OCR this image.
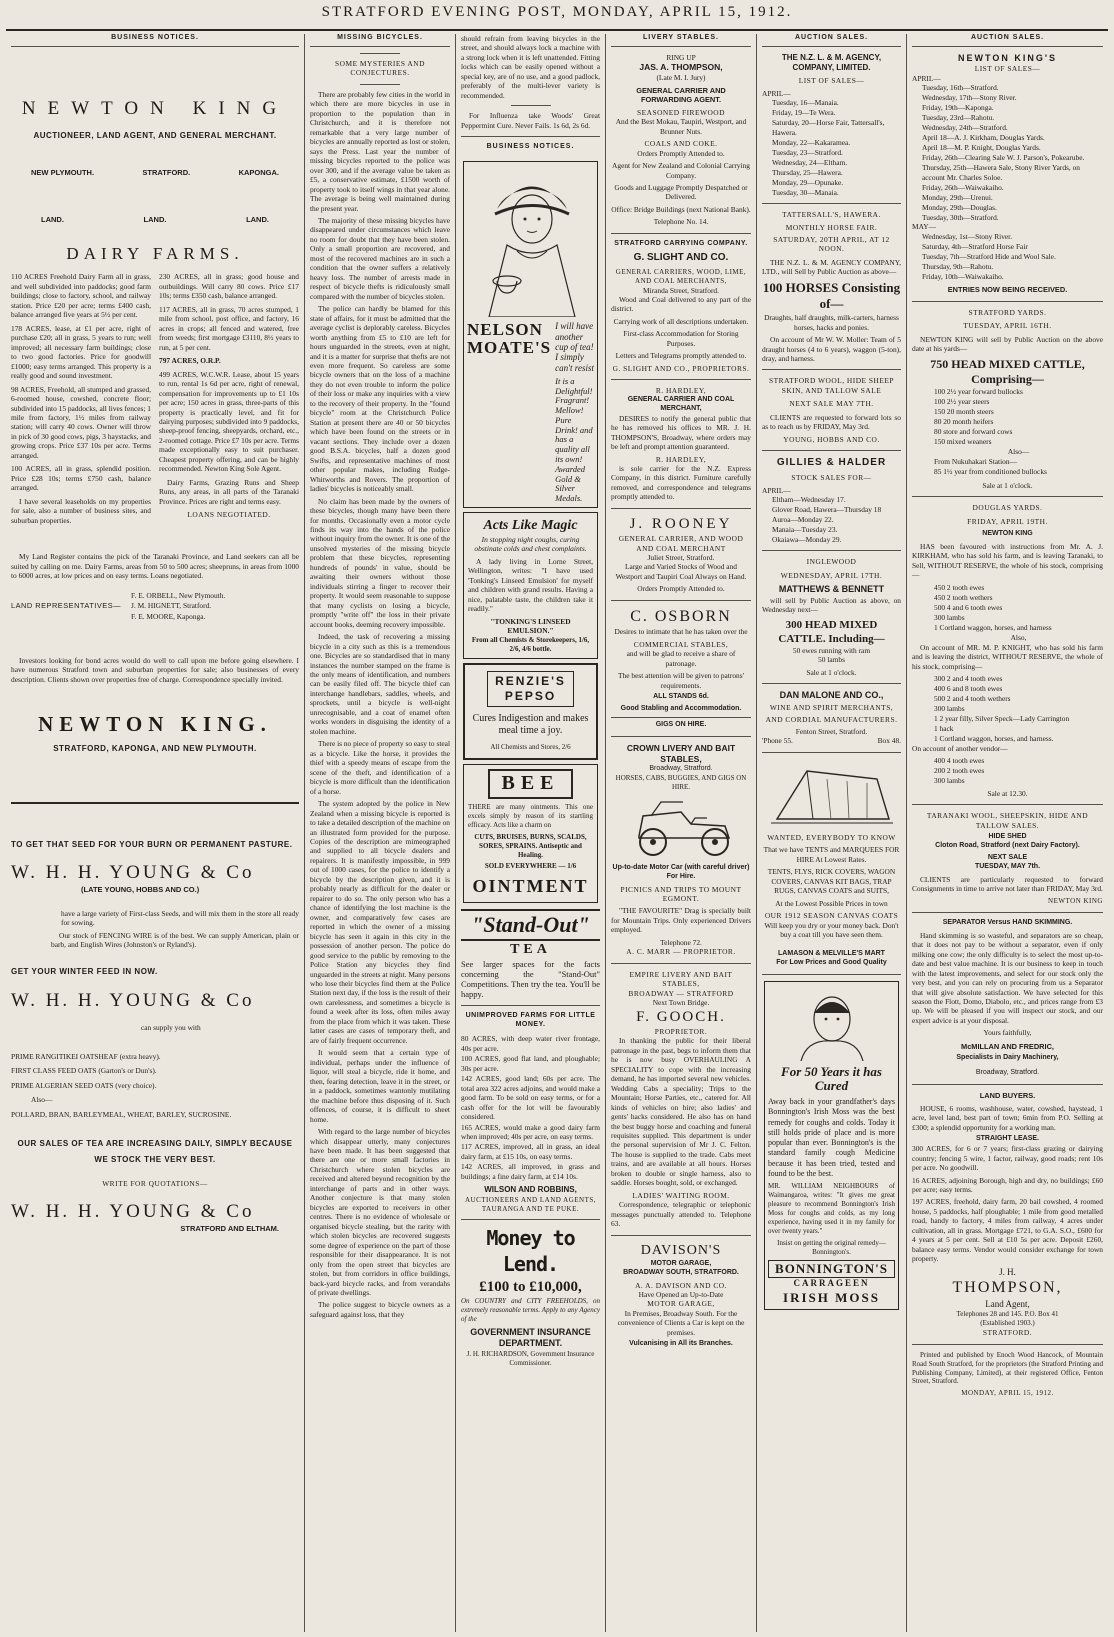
STRATFORD EVENING POST, MONDAY, APRIL 15, 1912.
BUSINESS NOTICES.
NEWTON KING
AUCTIONEER, LAND AGENT, AND GENERAL MERCHANT.
NEW PLYMOUTH.	STRATFORD.	KAPONGA.
LAND.	LAND.	LAND.
DAIRY FARMS.

110 ACRES Freehold Dairy Farm all in grass, and well subdivided into paddocks; good farm buildings; close to factory, school, and railway station. Price £20 per acre; terms £400 cash, balance arranged five years at 5½ per cent.

178 ACRES, lease, at £1 per acre, right of purchase £20; all in grass, 5 years to run; well improved; all necessary farm buildings; close to two good factories. Price for goodwill £1000; easy terms arranged. This property is a really good and sound investment.

98 ACRES, Freehold, all stumped and grassed, 6-roomed house, cowshed, concrete floor; subdivided into 15 paddocks, all lives fences; 1 mile from factory, 1½ miles from railway station; will carry 40 cows. Owner will throw in pick of 30 good cows, pigs, 3 haystacks, and growing crops. Price £37 10s per acre. Terms arranged.

100 ACRES, all in grass, splendid position. Price £28 10s; terms £750 cash, balance arranged.

I have several leaseholds on my properties for sale, also a number of business sites, and suburban properties.

230 ACRES, all in grass; good house and outbuildings. Will carry 80 cows. Price £17 10s; terms £350 cash, balance arranged.

117 ACRES, all in grass, 70 acres stumped, 1 mile from school, post office, and factory, 16 acres in crops; all fenced and watered, free from weeds; first mortgage £3110, 8½ years to run, at 5 per cent.

797 ACRES, O.R.P.

499 ACRES, W.C.W.R. Lease, about 15 years to run, rental 1s 6d per acre, right of renewal, compensation for improvements up to £1 10s per acre; 150 acres in grass, three-parts of this property is practically level, and fit for dairying purposes; subdivided into 9 paddocks, sheep-proof fencing, sheepyards, orchard, etc., 2-roomed cottage. Price £7 10s per acre. Terms made exceptionally easy to suit purchaser. Cheapest property offering, and can be highly recommended. Newton King Sole Agent.

Dairy Farms, Grazing Runs and Sheep Runs, any areas, in all parts of the Taranaki Province. Prices are right and terms easy.

LOANS NEGOTIATED.

My Land Register contains the pick of the Taranaki Province, and Land seekers can all be suited by calling on me. Dairy Farms, areas from 50 to 500 acres; sheepruns, in areas from 1000 to 6000 acres, at low prices and on easy terms. Loans negotiated.

LAND REPRESENTATIVES—

F. E. ORBELL, New Plymouth.

J. M. HIGNETT, Stratford.

F. E. MOORE, Kaponga.

Investors looking for bond acres would do well to call upon me before going elsewhere. I have numerous Stratford town and suburban properties for sale; also businesses of every description. Clients shown over properties free of charge. Correspondence specially invited.

NEWTON KING.
STRATFORD, KAPONGA, AND NEW PLYMOUTH.
TO GET THAT SEED FOR YOUR BURN OR PERMANENT PASTURE.
W. H. H. YOUNG & Co
(LATE YOUNG, HOBBS AND CO.)

have a large variety of First-class Seeds, and will mix them in the store all ready for sowing.

Our stock of FENCING WIRE is of the best. We can supply American, plain or barb, and English Wires (Johnston's or Ryland's).

GET YOUR WINTER FEED IN NOW.
W. H. H. YOUNG & Co

can supply you with

PRIME RANGITIKEI OATSHEAF (extra heavy).
FIRST CLASS FEED OATS (Garton's or Dun's).
PRIME ALGERIAN SEED OATS (very choice).
Also—
POLLARD, BRAN, BARLEYMEAL, WHEAT, BARLEY, SUCROSINE.
OUR SALES OF TEA ARE INCREASING DAILY, SIMPLY BECAUSE WE STOCK THE VERY BEST.
WRITE FOR QUOTATIONS—
W. H. H. YOUNG & Co
STRATFORD AND ELTHAM.
MISSING BICYCLES.
SOME MYSTERIES AND CONJECTURES.

There are probably few cities in the world in which there are more bicycles in use in proportion to the population than in Christchurch, and it is therefore not remarkable that a very large number of bicycles are annually reported as lost or stolen, says the Press. Last year the number of missing bicycles reported to the police was over 300, and if the average value be taken as £5, a conservative estimate, £1500 worth of property took to itself wings in that year alone. The average is being well maintained during the present year.

The majority of these missing bicycles have disappeared under circumstances which leave no room for doubt that they have been stolen. Only a small proportion are recovered, and most of the recovered machines are in such a condition that the owner suffers a relatively heavy loss. The number of arrests made in respect of bicycle thefts is ridiculously small compared with the number of bicycles stolen.

The police can hardly be blamed for this state of affairs, for it must be admitted that the average cyclist is deplorably careless. Bicycles worth anything from £5 to £10 are left for hours unguarded in the streets, even at night, and it is a matter for surprise that thefts are not even more frequent. So careless are some bicycle owners that on the loss of a machine they do not even trouble to inform the police of their loss or make any inquiries with a view to the recovery of their property. In the "found bicycle" room at the Christchurch Police Station at present there are 40 or 50 bicycles which have been found on the streets or in vacant sections. They include over a dozen good B.S.A. bicycles, half a dozen good Swifts, and representative machines of most other popular makes, including Rudge-Whitworths and Rovers. The proportion of ladies' bicycles is noticeably small.

No claim has been made by the owners of these bicycles, though many have been there for months. Occasionally even a motor cycle finds its way into the hands of the police without inquiry from the owner. It is one of the unsolved mysteries of the missing bicycle problem that these bicycles, representing hundreds of pounds' in value, should be awaiting their owners without those individuals stirring a finger to recover their property. It would seem reasonable to suppose that many cyclists on losing a bicycle, promptly "write off" the loss in their private account books, deeming recovery impossible.

Indeed, the task of recovering a missing bicycle in a city such as this is a tremendous one. Bicycles are so standardised that in many instances the number stamped on the frame is the only means of identification, and numbers can be easily filed off. The bicycle thief can interchange handlebars, saddles, wheels, and sprockets, until a bicycle is well-night unrecognisable, and a coat of enamel often works wonders in disguising the identity of a stolen machine.

There is no piece of property so easy to steal as a bicycle. Like the horse, it provides the thief with a speedy means of escape from the scene of the theft, and identification of a bicycle is more difficult than the identification of a horse.

The system adopted by the police in New Zealand when a missing bicycle is reported is to take a detailed description of the machine on an illustrated form provided for the purpose. Copies of the description are mimeographed and supplied to all bicycle dealers and repairers. It is manifestly impossible, in 999 out of 1000 cases, for the police to identify a bicycle by the description given, and it is probably nearly as difficult for the dealer or repairer to do so. The only person who has a chance of identifying the lost machine is the owner, and comparatively few cases are reported in which the owner of a missing bicycle has seen it again in this city in the possession of another person. The police do good service to the public by removing to the Police Station any bicycles they find unguarded in the streets at night. Many persons who lose their bicycles find them at the Police Station next day, if the loss is the result of their own carelessness, and sometimes a bicycle is found a week after its loss, often miles away from the place from which it was taken. These latter cases are cases of temporary theft, and are of fairly frequent occurrence.

It would seem that a certain type of individual, perhaps under the influence of liquor, will steal a bicycle, ride it home, and then, fearing detection, leave it in the street, or in a paddock, sometimes wantonly mutilating the machine before thus disposing of it. Such offences, of course, it is difficult to sheet home.

With regard to the large number of bicycles which disappear utterly, many conjectures have been made. It has been suggested that there are one or more small factories in Christchurch where stolen bicycles are received and altered beyond recognition by the interchange of parts and in other ways. Another conjecture is that many stolen bicycles are exported to receivers in other centres. There is no evidence of wholesale or organised bicycle stealing, but the rarity with which stolen bicycles are recovered suggests some degree of experience on the part of those responsible for their disappearance. It is not only from the open street that bicycles are stolen, but from corridors in office buildings, back-yard bicycle racks, and from verandahs of private dwellings.

The police suggest to bicycle owners as a safeguard against loss, that they

should refrain from leaving bicycles in the street, and should always lock a machine with a strong lock when it is left unattended. Fitting locks which can be easily opened without a special key, are of no use, and a good padlock, preferably of the multi-lever variety is recommended.

For Influenza take Woods' Great Peppermint Cure. Never Fails. 1s 6d, 2s 6d.

BUSINESS NOTICES.
NELSON MOATE'S
I will have another cup of tea! I simply can't resist
It is a Delightful! Fragrant! Mellow! Pure Drink! and has a quality all its own! Awarded Gold & Silver Medals.
Acts Like Magic
In stopping night coughs, curing obstinate colds and chest complaints.

A lady living in Lorne Street, Wellington, writes: "I have used 'Tonking's Linseed Emulsion' for myself and children with grand results. Having a nice, palatable taste, the children take it readily."

"TONKING'S LINSEED EMULSION."
From all Chemists & Storekeepers, 1/6, 2/6, 4/6 bottle.
RENZIE'S PEPSO
Cures Indigestion and makes meal time a joy.
All Chemists and Stores, 2/6
BEE

THERE are many ointments. This one excels simply by reason of its startling efficacy. Acts like a charm on

CUTS, BRUISES, BURNS, SCALDS, SORES, SPRAINS. Antiseptic and Healing.
SOLD EVERYWHERE — 1/6
OINTMENT
"Stand-Out"
TEA

See larger spaces for the facts concerning the "Stand-Out" Competitions. Then try the tea. You'll be happy.

UNIMPROVED FARMS FOR LITTLE MONEY.

80 ACRES, with deep water river frontage, 40s per acre.

100 ACRES, good flat land, and ploughable; 30s per acre.

142 ACRES, good land; 60s per acre. The total area 322 acres adjoins, and would make a good farm. To be sold on easy terms, or for a cash offer for the lot will be favourably considered.

165 ACRES, would make a good dairy farm when improved; 40s per acre, on easy terms.

117 ACRES, improved, all in grass, an ideal dairy farm, at £15 10s, on easy terms.

142 ACRES, all improved, in grass and buildings; a fine dairy farm, at £14 10s.

WILSON AND ROBBINS,
AUCTIONEERS AND LAND AGENTS, TAURANGA AND TE PUKE.
Money to Lend.
£100 to £10,000,

On COUNTRY and CITY FREEHOLDS, on extremely reasonable terms. Apply to any Agency of the

GOVERNMENT INSURANCE DEPARTMENT.
J. H. RICHARDSON, Government Insurance Commissioner.
LIVERY STABLES.
RING UP
JAS. A. THOMPSON,
(Late M. I. Jury)
GENERAL CARRIER AND FORWARDING AGENT.
SEASONED FIREWOOD

And the Best Mokau, Taupiri, Westport, and Brunner Nuts.

COALS AND COKE.

Orders Promptly Attended to.

Agent for New Zealand and Colonial Carrying Company.

Goods and Luggage Promptly Despatched or Delivered.

Office: Bridge Buildings (next National Bank).

Telephone No. 14.

STRATFORD CARRYING COMPANY.
G. SLIGHT AND CO.
GENERAL CARRIERS, WOOD, LIME, AND COAL MERCHANTS,
Miranda Street, Stratford.

Wood and Coal delivered to any part of the district.

Carrying work of all descriptions undertaken.

First-class Accommodation for Storing Purposes.

Letters and Telegrams promptly attended to.

G. SLIGHT AND CO., PROPRIETORS.

R. HARDLEY,
GENERAL CARRIER AND COAL MERCHANT,

DESIRES to notify the general public that he has removed his offices to MR. J. H. THOMPSON'S, Broadway, where orders may be left and prompt attention guaranteed.

R. HARDLEY,

is sole carrier for the N.Z. Express Company, in this district. Furniture carefully removed, and correspondence and telegrams promptly attended to.

J. ROONEY
GENERAL CARRIER, AND WOOD AND COAL MERCHANT
Juliet Street, Stratford.

Large and Varied Stocks of Wood and Westport and Taupiri Coal Always on Hand.

Orders Promptly Attended to.

C. OSBORN

Desires to intimate that he has taken over the

COMMERCIAL STABLES,

and will be glad to receive a share of patronage.

The best attention will be given to patrons' requirements.

ALL STANDS 6d.
Good Stabling and Accommodation.
GIGS ON HIRE.
CROWN LIVERY AND BAIT STABLES,
Broadway, Stratford.
HORSES, CABS, BUGGIES, AND GIGS ON HIRE.
Up-to-date Motor Car (with careful driver) For Hire.

PICNICS AND TRIPS TO MOUNT EGMONT.

"THE FAVOURITE" Drag is specially built for Mountain Trips. Only experienced Drivers employed.

Telephone 72.
A. C. MARR — PROPRIETOR.
EMPIRE LIVERY AND BAIT STABLES,
BROADWAY — STRATFORD
Next Town Bridge.
F. GOOCH.
PROPRIETOR.

In thanking the public for their liberal patronage in the past, begs to inform them that he is now busy OVERHAULING A SPECIALITY to cope with the increasing demand, he has imported several new vehicles. Wedding Cabs a speciality; Trips to the Mountain; Horse Parties, etc., catered for. All kinds of vehicles on hire; also ladies' and gents' hacks considered. He also has on hand the best buggy horse and coaching and funeral requisites supplied. This department is under the personal supervision of Mr J. C. Felton. The house is supplied to the trade. Cabs meet trains, and are available at all hours. Horses broken to double or single harness, also to saddle. Horses bought, sold, or exchanged.

LADIES' WAITING ROOM.

Correspondence, telegraphic or telephonic messages punctually attended to. Telephone 63.

DAVISON'S
MOTOR GARAGE,
BROADWAY SOUTH, STRATFORD.
A. A. DAVISON AND CO.
Have Opened an Up-to-Date
MOTOR GARAGE,

In Premises, Broadway South. For the convenience of Clients a Car is kept on the premises.

Vulcanising in All its Branches.
AUCTION SALES.
THE N.Z. L. & M. AGENCY, COMPANY, LIMITED.
LIST OF SALES—
APRIL—
Tuesday, 16—Manaia.
Friday, 19—Te Wera.
Saturday, 20—Horse Fair, Tattersall's, Hawera.
Monday, 22—Kakaramea.
Tuesday, 23—Stratford.
Wednesday, 24—Eltham.
Thursday, 25—Hawera.
Monday, 29—Opunake.
Tuesday, 30—Manaia.
TATTERSALL'S, HAWERA.
MONTHLY HORSE FAIR.
SATURDAY, 20TH APRIL, AT 12 NOON.

THE N.Z. L. & M. AGENCY COMPANY, LTD., will Sell by Public Auction as above—

100 HORSES Consisting of—

Draughts, half draughts, milk-carters, harness horses, hacks and ponies.

On account of Mr W. W. Moller: Team of 5 draught horses (4 to 6 years), waggon (5-ton), dray, and harness.

STRATFORD WOOL, HIDE SHEEP SKIN, AND TALLOW SALE
NEXT SALE MAY 7TH.

CLIENTS are requested to forward lots so as to reach us by FRIDAY, May 3rd.

YOUNG, HOBBS AND CO.
GILLIES & HALDER
STOCK SALES FOR—
APRIL—
Eltham—Wednesday 17.
Glover Road, Hawera—Thursday 18
Auroa—Monday 22.
Manaia—Tuesday 23.
Okaiawa—Monday 29.
INGLEWOOD
WEDNESDAY, APRIL 17TH.
MATTHEWS & BENNETT

will sell by Public Auction as above, on Wednesday next—

300 HEAD MIXED CATTLE. Including—
50 ewes running with ram
50 lambs
Sale at 1 o'clock.
DAN MALONE AND CO.,
WINE AND SPIRIT MERCHANTS, AND CORDIAL MANUFACTURERS.
Fenton Street, Stratford.
'Phone 55.	Box 48.
WANTED, EVERYBODY TO KNOW

That we have TENTS and MARQUEES FOR HIRE At Lowest Rates.

TENTS, FLYS, RICK COVERS, WAGON COVERS, CANVAS KIT BAGS, TRAP RUGS, CANVAS COATS and SUITS,

At the Lowest Possible Prices in town

OUR 1912 SEASON CANVAS COATS

Will keep you dry or your money back. Don't buy a coat till you have seen them.

LAMASON & MELVILLE'S MART
For Low Prices and Good Quality
For 50 Years it has Cured

Away back in your grandfather's days Bonnington's Irish Moss was the best remedy for coughs and colds. Today it still holds pride of place and is more popular than ever. Bonnington's is the standard family cough Medicine because it has been tried, tested and found to be the best.

MR. WILLIAM NEIGHBOURS of Waimangaroa, writes: "It gives me great pleasure to recommend Bonnington's Irish Moss for coughs and colds, as my long experience, having used it in my family for over twenty years."

Insist on getting the original remedy—Bonnington's.

BONNINGTON'S
CARRAGEEN
IRISH MOSS
AUCTION SALES.
NEWTON KING'S
LIST OF SALES—
APRIL—
Tuesday, 16th—Stratford.
Wednesday, 17th—Stony River.
Friday, 19th—Kaponga.
Tuesday, 23rd—Rahotu.
Wednesday, 24th—Stratford.
April 18—A. J. Kirkham, Douglas Yards.
April 18—M. P. Knight, Douglas Yards.
Friday, 26th—Clearing Sale W. J. Parson's, Pokearube.
Thursday, 25th—Hawera Sale, Stony River Yards, on account Mr. Charles Soloe.
Friday, 26th—Waiwakaiho.
Monday, 29th—Urenui.
Monday, 29th—Douglas.
Tuesday, 30th—Stratford.
MAY—
Wednesday, 1st—Stony River.
Saturday, 4th—Stratford Horse Fair
Tuesday, 7th—Stratford Hide and Wool Sale.
Thursday, 9th—Rahotu.
Friday, 10th—Waiwakaiho.
ENTRIES NOW BEING RECEIVED.
STRATFORD YARDS.
TUESDAY, APRIL 16TH.

NEWTON KING will sell by Public Auction on the above date at his yards—

750 HEAD MIXED CATTLE, Comprising—
100 2½ year forward bullocks
100 2½ year steers
150 20 month steers
80 20 month heifers
80 store and forward cows
150 mixed weaners
Also—
From Nukuhakari Station—
85 1½ year from conditioned bullocks
Sale at 1 o'clock.
DOUGLAS YARDS.
FRIDAY, APRIL 19TH.
NEWTON KING

HAS been favoured with instructions from Mr. A. J. KIRKHAM, who has sold his farm, and is leaving Taranaki, to Sell, WITHOUT RESERVE, the whole of his stock, comprising—

450 2 tooth ewes
450 2 tooth wethers
500 4 and 6 tooth ewes
300 lambs
1 Cortland waggon, horses, and harness
Also,

On account of MR. M. P. KNIGHT, who has sold his farm and is leaving the district, WITHOUT RESERVE, the whole of his stock, comprising—

300 2 and 4 tooth ewes
400 6 and 8 tooth ewes
500 2 and 4 tooth wethers
300 lambs
1 2 year filly, Silver Speck—Lady Carrington
1 hack
1 Cortland waggon, horses, and harness.

On account of another vendor—

400 4 tooth ewes
200 2 tooth ewes
300 lambs
Sale at 12.30.
TARANAKI WOOL, SHEEPSKIN, HIDE AND TALLOW SALES.
HIDE SHED
Cloton Road, Stratford (next Dairy Factory).
NEXT SALE
TUESDAY, MAY 7th.

CLIENTS are particularly requested to forward Consignments in time to arrive not later than FRIDAY, May 3rd.

NEWTON KING
SEPARATOR Versus HAND SKIMMING.

Hand skimming is so wasteful, and separators are so cheap, that it does not pay to be without a separator, even if only milking one cow; the only difficulty is to select the most up-to-date and best value machine. It is our business to keep in touch with the latest improvements, and select for our stock only the very best, and you can rely on procuring from us a Separator that will give absolute satisfaction. We have selected for this season the Flott, Domo, Diabolo, etc., and prices range from £3 up. We will be pleased if you will inspect our stock, and our expert advice is at your disposal.

Yours faithfully,
McMILLAN AND FREDRIC,
Specialists in Dairy Machinery,
Broadway, Stratford.
LAND BUYERS.

HOUSE, 6 rooms, washhouse, water, cowshed, haystead, 1 acre, level land, best part of town; 6min from P.O. Selling at £300; a splendid opportunity for a working man.

STRAIGHT LEASE.

300 ACRES, for 6 or 7 years; first-class grazing or dairying country; fencing 5 wire, 1 factor, railway, good roads; rent 10s per acre. No goodwill.

16 ACRES, adjoining Borough, high and dry, no buildings; £60 per acre; easy terms.

197 ACRES, freehold, dairy farm, 20 bail cowshed, 4 roomed house, 5 paddocks, half ploughable; 1 mile from good metalled road, handy to factory, 4 miles from railway, 4 acres under cultivation, all in grass. Mortgage £721, to G.A. S.O., £600 for 4 years at 5 per cent. Sell at £10 5s per acre. Deposit £260, balance easy terms. Vendor would consider exchange for town property.

J. H.
THOMPSON,
Land Agent,
Telephones 28 and 145. P.O. Box 41
(Established 1903.)
STRATFORD.

Printed and published by Enoch Wood Hancock, of Mountain Road South Stratford, for the proprietors (the Stratford Printing and Publishing Company, Limited), at their registered Office, Fenton Street, Stratford.

MONDAY, APRIL 15, 1912.
